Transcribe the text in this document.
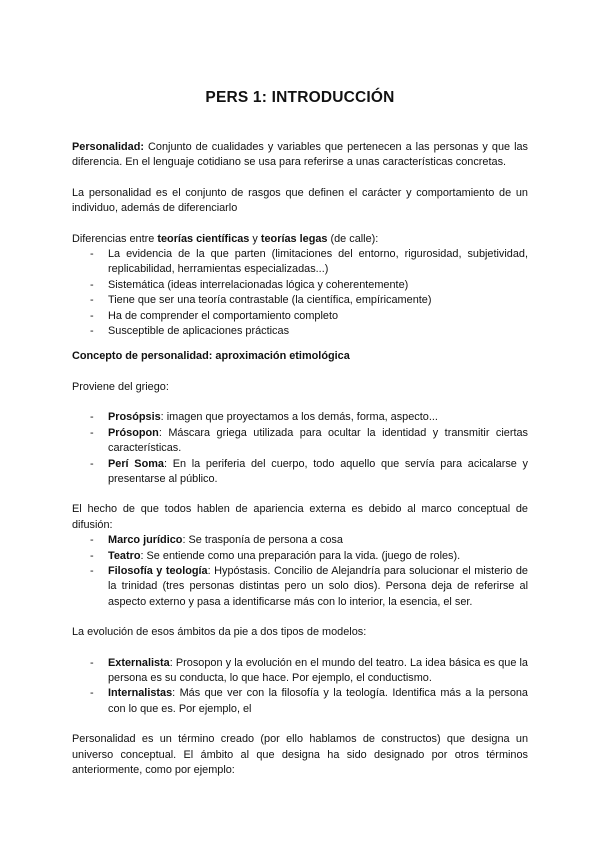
PERS 1: INTRODUCCIÓN

Personalidad: Conjunto de cualidades y variables que pertenecen a las personas y que las diferencia. En el lenguaje cotidiano se usa para referirse a unas características concretas.

La personalidad es el conjunto de rasgos que definen el carácter y comportamiento de un individuo, además de diferenciarlo

Diferencias entre teorías científicas y teorías legas (de calle):

- La evidencia de la que parten (limitaciones del entorno, rigurosidad, subjetividad, replicabilidad, herramientas especializadas...)
- Sistemática (ideas interrelacionadas lógica y coherentemente)
- Tiene que ser una teoría contrastable (la científica, empíricamente)
- Ha de comprender el comportamiento completo
- Susceptible de aplicaciones prácticas

Concepto de personalidad: aproximación etimológica

Proviene del griego:

- Prosópsis: imagen que proyectamos a los demás, forma, aspecto...
- Prósopon: Máscara griega utilizada para ocultar la identidad y transmitir ciertas características.
- Perí Soma: En la periferia del cuerpo, todo aquello que servía para acicalarse y presentarse al público.

El hecho de que todos hablen de apariencia externa es debido al marco conceptual de difusión:

- Marco jurídico: Se trasponía de persona a cosa
- Teatro: Se entiende como una preparación para la vida. (juego de roles).
- Filosofía y teología: Hypóstasis. Concilio de Alejandría para solucionar el misterio de la trinidad (tres personas distintas pero un solo dios). Persona deja de referirse al aspecto externo y pasa a identificarse más con lo interior, la esencia, el ser.

La evolución de esos ámbitos da pie a dos tipos de modelos:

- Externalista: Prosopon y la evolución en el mundo del teatro. La idea básica es que la persona es su conducta, lo que hace. Por ejemplo, el conductismo.
- Internalistas: Más que ver con la filosofía y la teología. Identifica más a la persona con lo que es. Por ejemplo, el

Personalidad es un término creado (por ello hablamos de constructos) que designa un universo conceptual. El ámbito al que designa ha sido designado por otros términos anteriormente, como por ejemplo:
